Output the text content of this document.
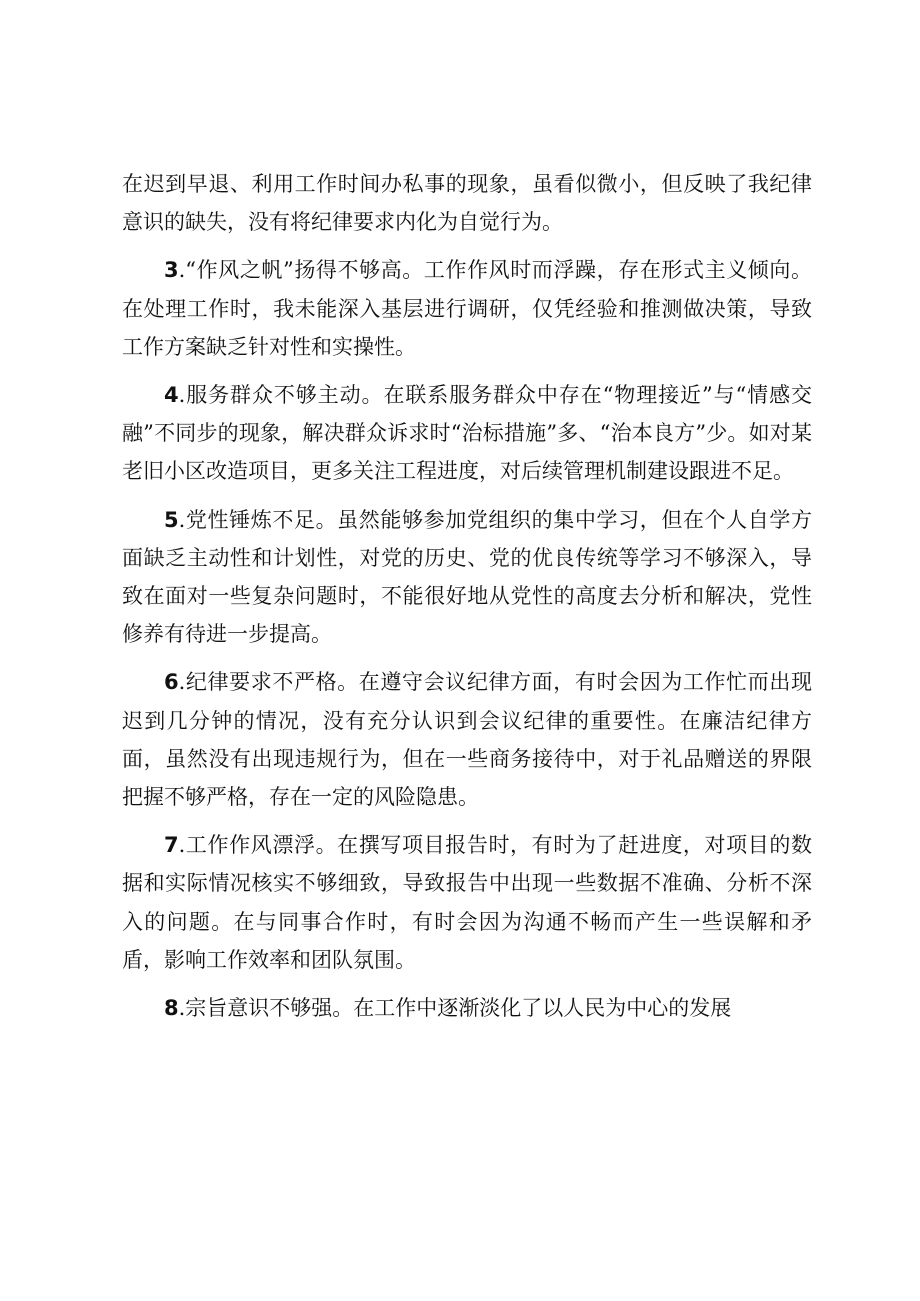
在迟到早退、利用工作时间办私事的现象，虽看似微小，但反映了我纪律意识的缺失，没有将纪律要求内化为自觉行为。

3.“作风之帆”扬得不够高。工作作风时而浮躁，存在形式主义倾向。在处理工作时，我未能深入基层进行调研，仅凭经验和推测做决策，导致工作方案缺乏针对性和实操性。

4.服务群众不够主动。在联系服务群众中存在“物理接近”与“情感交融”不同步的现象，解决群众诉求时“治标措施”多、“治本良方”少。如对某老旧小区改造项目，更多关注工程进度，对后续管理机制建设跟进不足。

5.党性锤炼不足。虽然能够参加党组织的集中学习，但在个人自学方面缺乏主动性和计划性，对党的历史、党的优良传统等学习不够深入，导致在面对一些复杂问题时，不能很好地从党性的高度去分析和解决，党性修养有待进一步提高。

6.纪律要求不严格。在遵守会议纪律方面，有时会因为工作忙而出现迟到几分钟的情况，没有充分认识到会议纪律的重要性。在廉洁纪律方面，虽然没有出现违规行为，但在一些商务接待中，对于礼品赠送的界限把握不够严格，存在一定的风险隐患。

7.工作作风漂浮。在撰写项目报告时，有时为了赶进度，对项目的数据和实际情况核实不够细致，导致报告中出现一些数据不准确、分析不深入的问题。在与同事合作时，有时会因为沟通不畅而产生一些误解和矛盾，影响工作效率和团队氛围。

8.宗旨意识不够强。在工作中逐渐淡化了以人民为中心的发展
